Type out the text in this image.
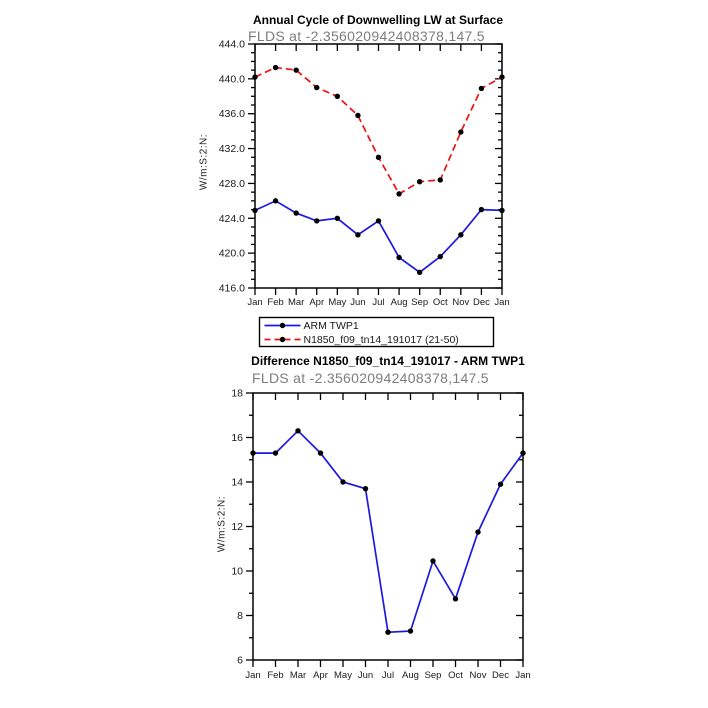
Annual Cycle of Downwelling LW at Surface
FLDS at -2.356020942408378,147.5
W/m:S:2:N:
Difference N1850_f09_tn14_191017 - ARM TWP1
FLDS at -2.356020942408378,147.5
W/m:S:2:N:
Jan Feb Mar Apr May Jun Jul Aug Sep Oct Nov Dec Jan
416.0
420.0
424.0
428.0
432.0
436.0
440.0
444.0
ARM TWP1
N1850_f09_tn14_191017 (21-50)
Jan Feb Mar Apr May Jun Jul Aug Sep Oct Nov Dec Jan
6
8
10
12
14
16
18
